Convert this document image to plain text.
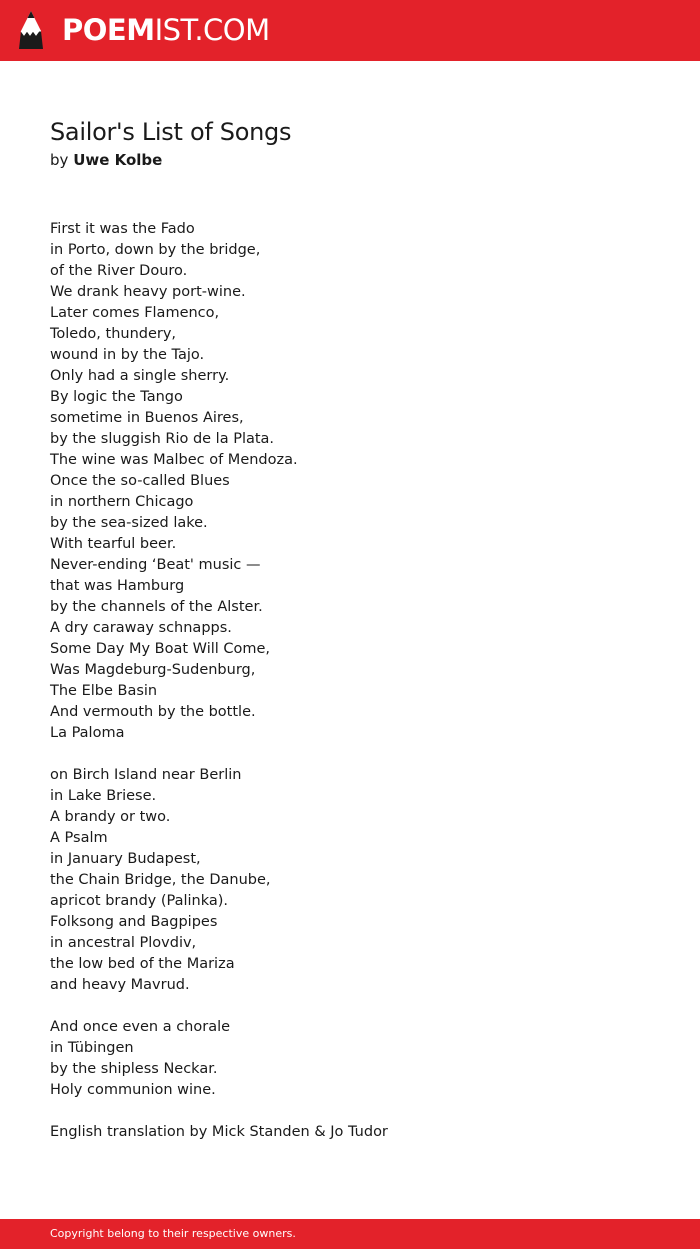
POEMIST.COM
Sailor's List of Songs
by Uwe Kolbe
First it was the Fado
in Porto, down by the bridge,
of the River Douro.
We drank heavy port-wine.
Later comes Flamenco,
Toledo, thundery,
wound in by the Tajo.
Only had a single sherry.
By logic the Tango
sometime in Buenos Aires,
by the sluggish Rio de la Plata.
The wine was Malbec of Mendoza.
Once the so-called Blues
in northern Chicago
by the sea-sized lake.
With tearful beer.
Never-ending ‘Beat' music —
that was Hamburg
by the channels of the Alster.
A dry caraway schnapps.
Some Day My Boat Will Come,
Was Magdeburg-Sudenburg,
The Elbe Basin
And vermouth by the bottle.
La Paloma
on Birch Island near Berlin
in Lake Briese.
A brandy or two.
A Psalm
in January Budapest,
the Chain Bridge, the Danube,
apricot brandy (Palinka).
Folksong and Bagpipes
in ancestral Plovdiv,
the low bed of the Mariza
and heavy Mavrud.
And once even a chorale
in Tübingen
by the shipless Neckar.
Holy communion wine.
English translation by Mick Standen & Jo Tudor
Copyright belong to their respective owners.
